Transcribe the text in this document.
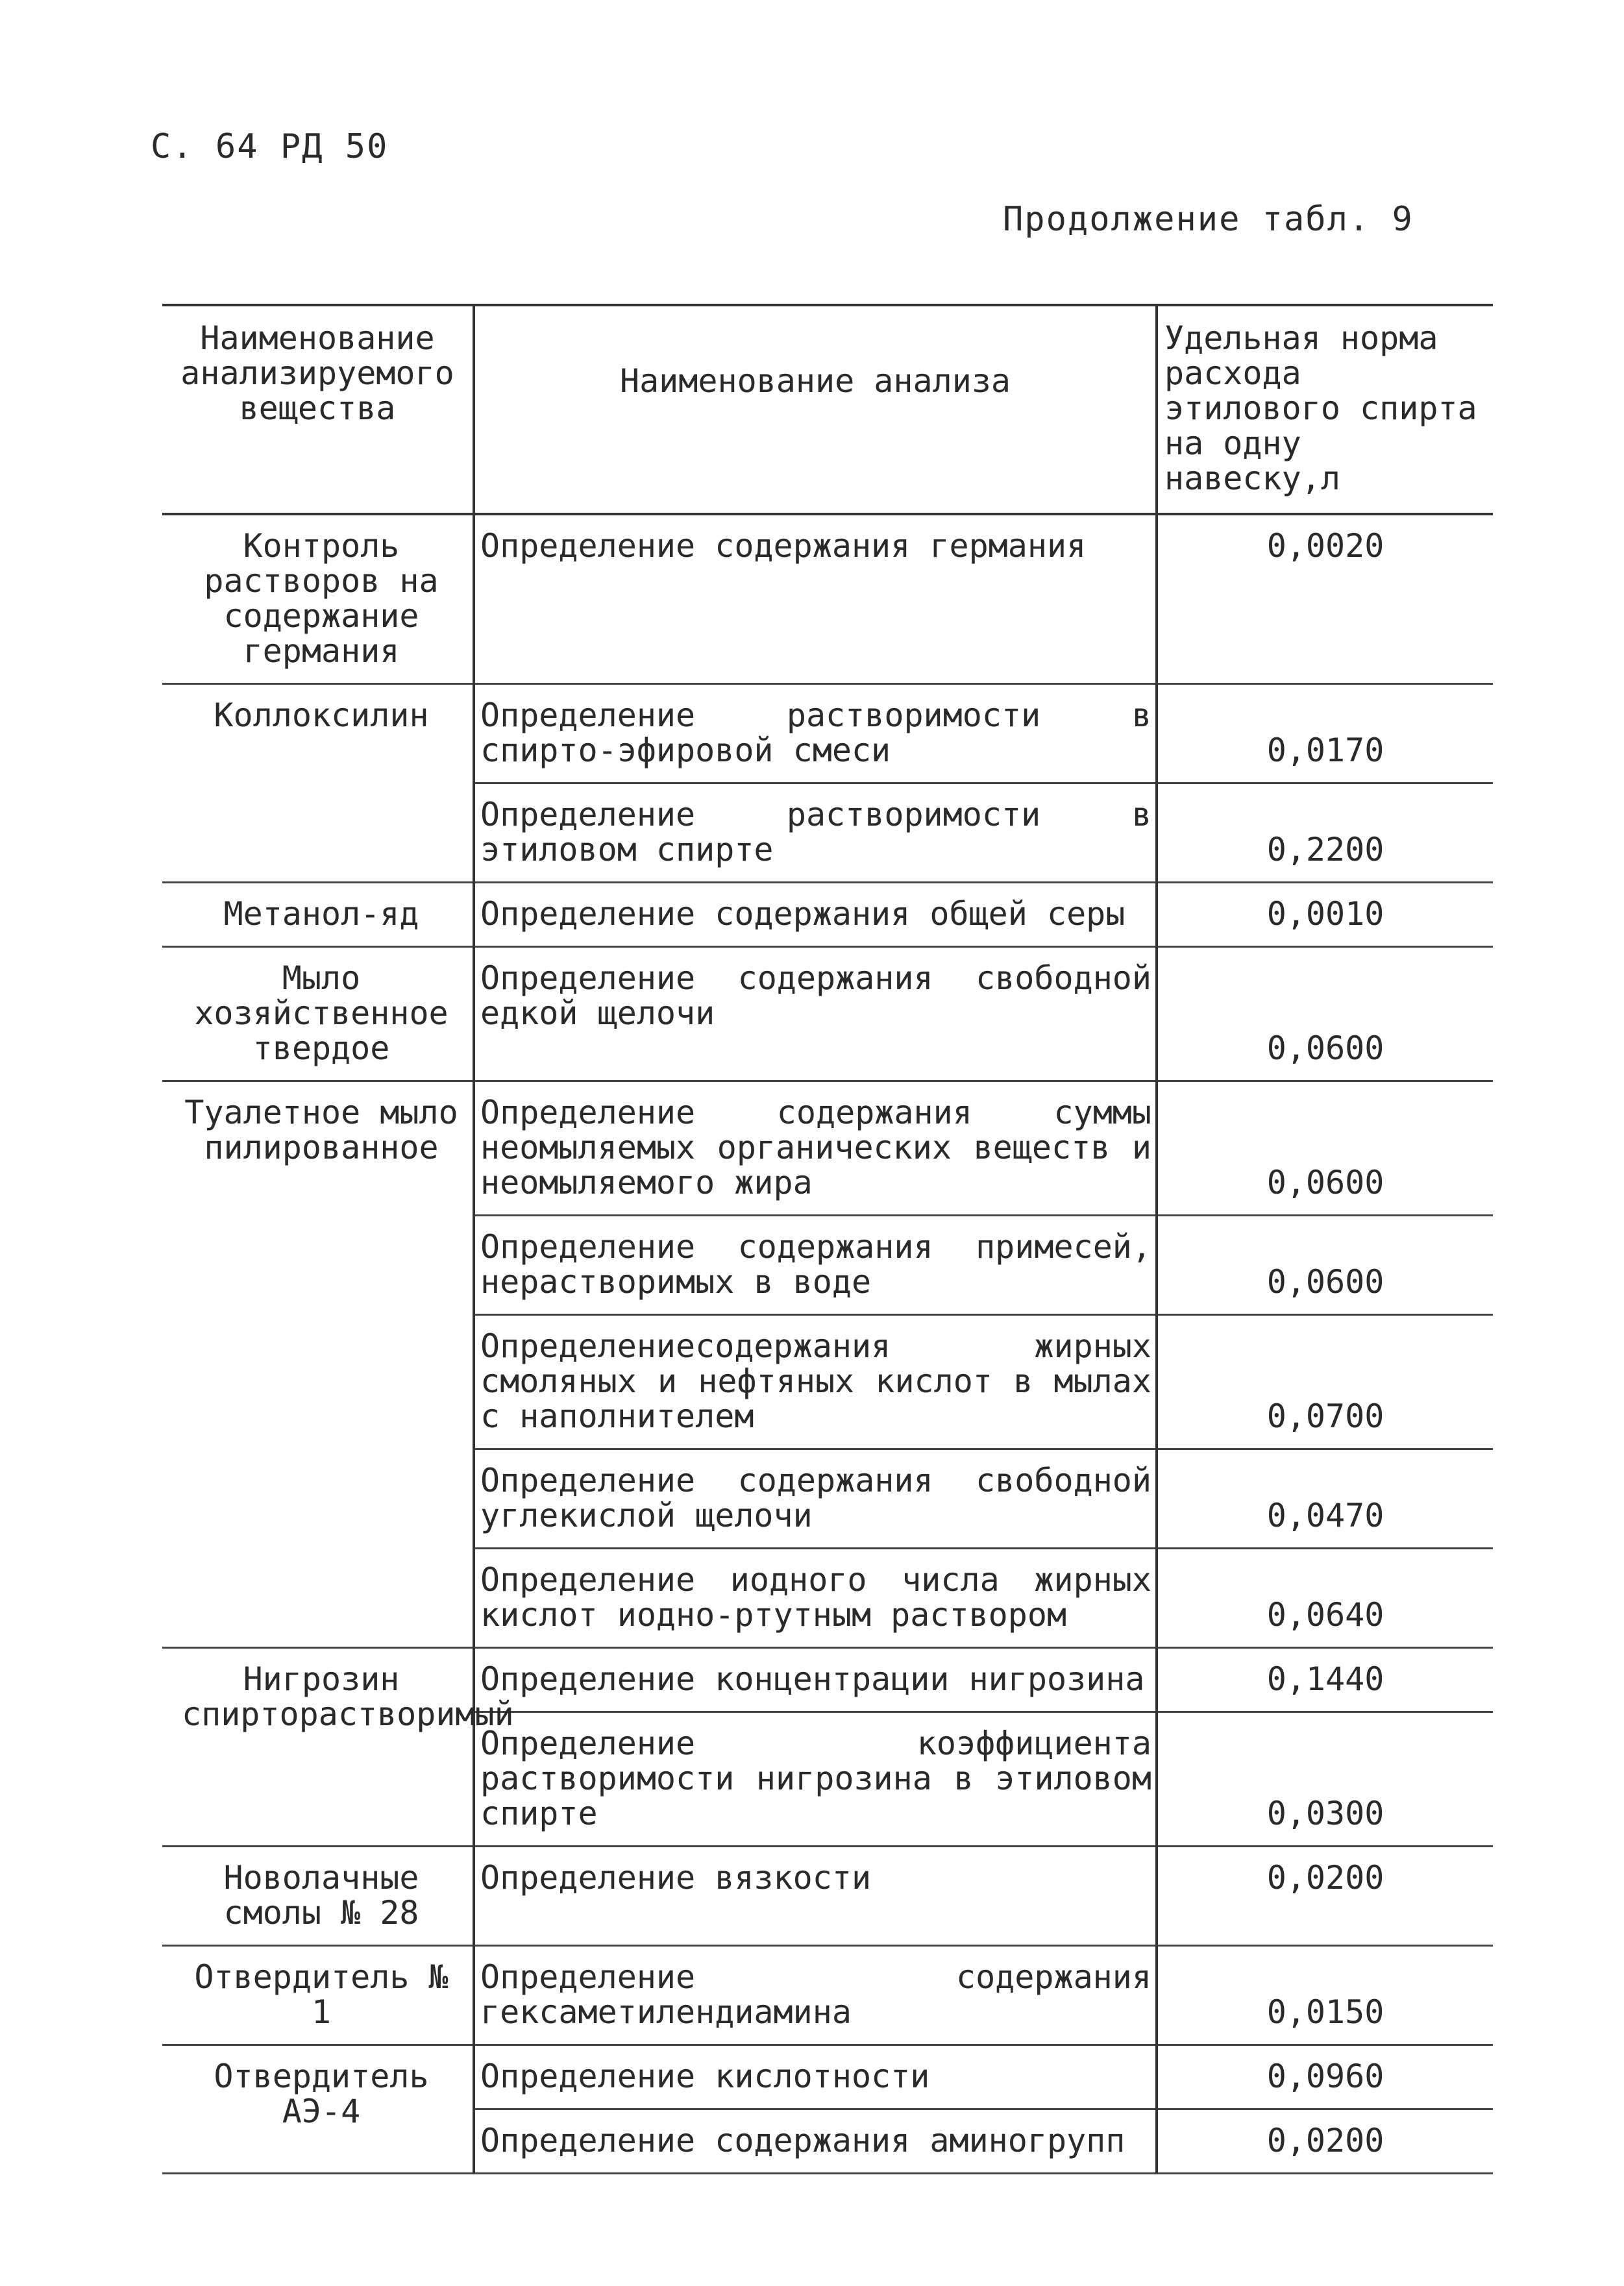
С. 64 РД 50
Продолжение табл. 9
Наименование анализируемого вещества	Наименование анализа	Удельная норма расхода этилового спирта на одну навеску,л
Контроль растворов на содержание германия	Определение содержания германия	0,0020
Коллоксилин	Определение растворимости в спирто-эфировой смеси	0,0170
	Определение растворимости в этиловом спирте	0,2200
Метанол-яд	Определение содержания общей серы	0,0010
Мыло хозяйственное твердое	Определение содержания свободной едкой щелочи	0,0600
Туалетное мыло пилированное	Определение содержания суммы неомыляемых органических веществ и неомыляемого жира	0,0600
	Определение содержания примесей, нерастворимых в воде	0,0600
	Определениесодержания жирных смоляных и нефтяных кислот в мылах с наполнителем	0,0700
	Определение содержания свободной углекислой щелочи	0,0470
	Определение иодного числа жирных кислот иодно-ртутным раствором	0,0640
Нигрозин спирторастворимый	Определение концентрации нигрозина	0,1440
	Определение коэффициента растворимости нигрозина в этиловом спирте	0,0300
Новолачные смолы № 28	Определение вязкости	0,0200
Отвердитель № 1	Определение содержания гексаметилендиамина	0,0150
Отвердитель АЭ-4	Определение кислотности	0,0960
	Определение содержания аминогрупп	0,0200
